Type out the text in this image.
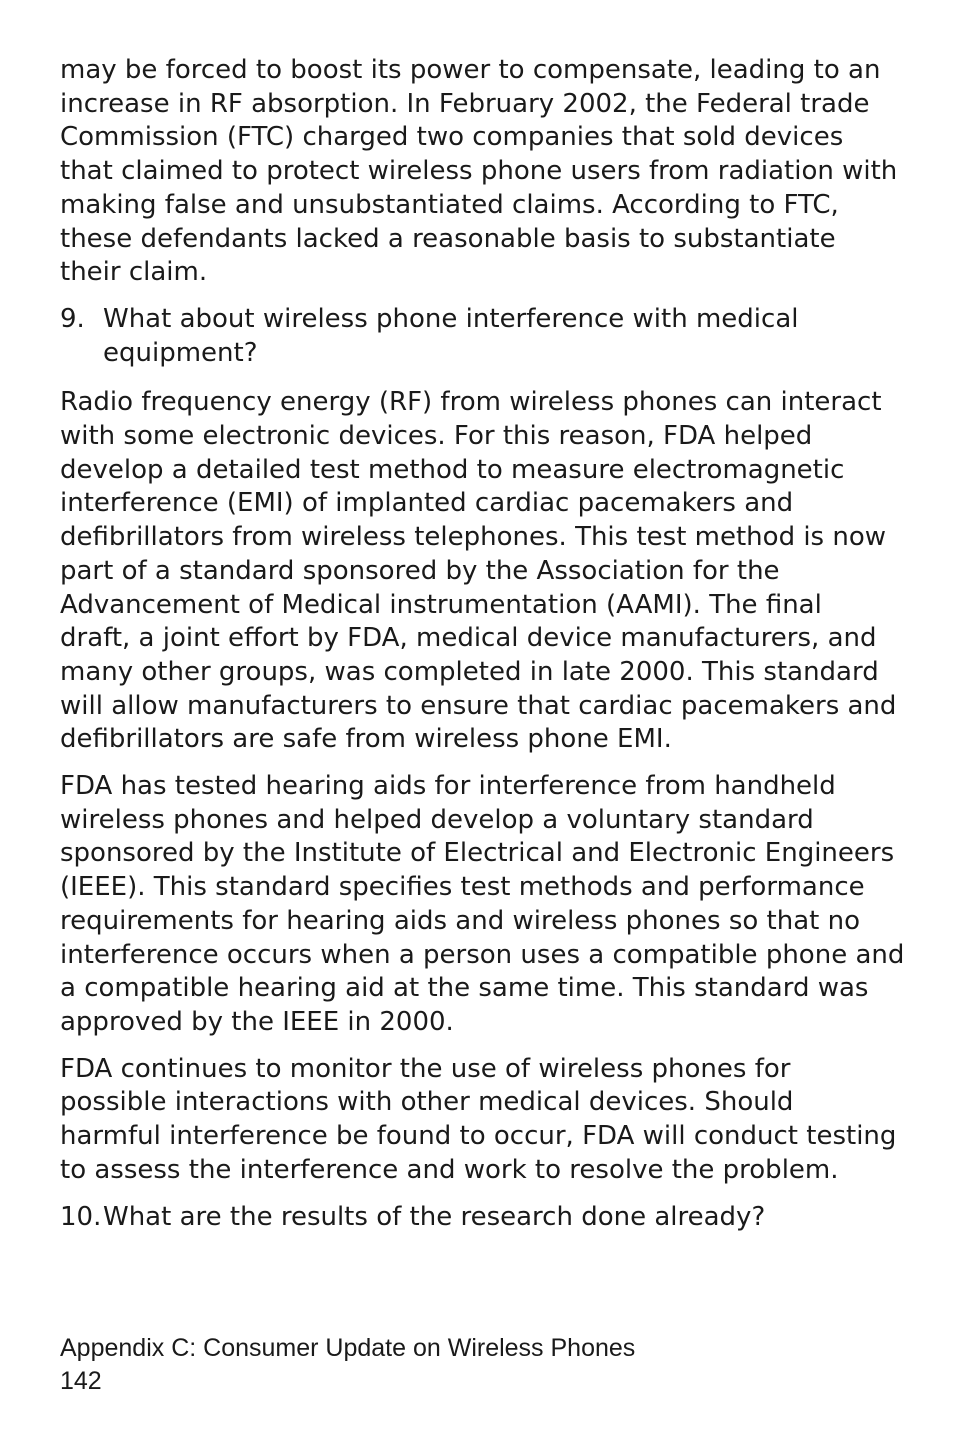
may be forced to boost its power to compensate, leading to an
increase in RF absorption. In February 2002, the Federal trade
Commission (FTC) charged two companies that sold devices
that claimed to protect wireless phone users from radiation with
making false and unsubstantiated claims. According to FTC,
these defendants lacked a reasonable basis to substantiate
their claim.

9. What about wireless phone interference with medical
equipment?

Radio frequency energy (RF) from wireless phones can interact
with some electronic devices. For this reason, FDA helped
develop a detailed test method to measure electromagnetic
interference (EMI) of implanted cardiac pacemakers and
defibrillators from wireless telephones. This test method is now
part of a standard sponsored by the Association for the
Advancement of Medical instrumentation (AAMI). The final
draft, a joint effort by FDA, medical device manufacturers, and
many other groups, was completed in late 2000. This standard
will allow manufacturers to ensure that cardiac pacemakers and
defibrillators are safe from wireless phone EMI.

FDA has tested hearing aids for interference from handheld
wireless phones and helped develop a voluntary standard
sponsored by the Institute of Electrical and Electronic Engineers
(IEEE). This standard specifies test methods and performance
requirements for hearing aids and wireless phones so that no
interference occurs when a person uses a compatible phone and
a compatible hearing aid at the same time. This standard was
approved by the IEEE in 2000.

FDA continues to monitor the use of wireless phones for
possible interactions with other medical devices. Should
harmful interference be found to occur, FDA will conduct testing
to assess the interference and work to resolve the problem.

10. What are the results of the research done already?
Appendix C: Consumer Update on Wireless Phones
142
